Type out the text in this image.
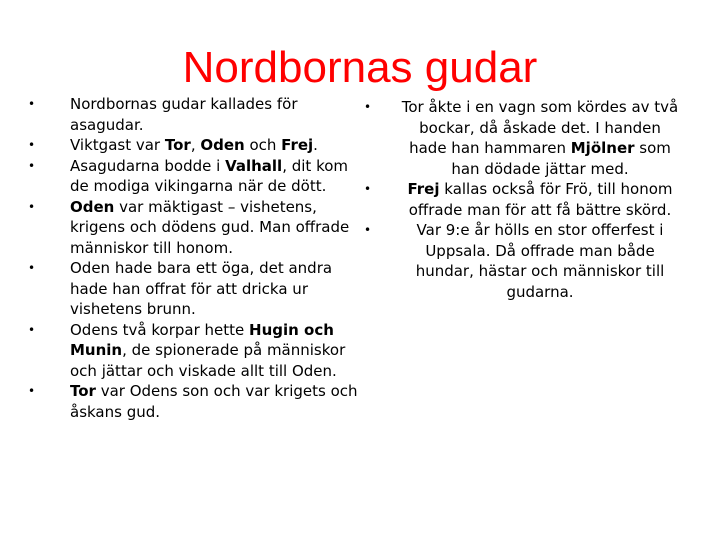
Nordbornas gudar
• Nordbornas gudar kallades för asagudar.
• Viktgast var Tor, Oden och Frej.
• Asagudarna bodde i Valhall, dit kom de modiga vikingarna när de dött.
• Oden var mäktigast – vishetens, krigens och dödens gud. Man offrade människor till honom.
• Oden hade bara ett öga, det andra hade han offrat för att dricka ur vishetens brunn.
• Odens två korpar hette Hugin och Munin, de spionerade på människor och jättar och viskade allt till Oden.
• Tor var Odens son och var krigets och åskans gud.
• Tor åkte i en vagn som kördes av två bockar, då åskade det. I handen hade han hammaren Mjölner som han dödade jättar med.
• Frej kallas också för Frö, till honom offrade man för att få bättre skörd.
• Var 9:e år hölls en stor offerfest i Uppsala. Då offrade man både hundar, hästar och människor till gudarna.
